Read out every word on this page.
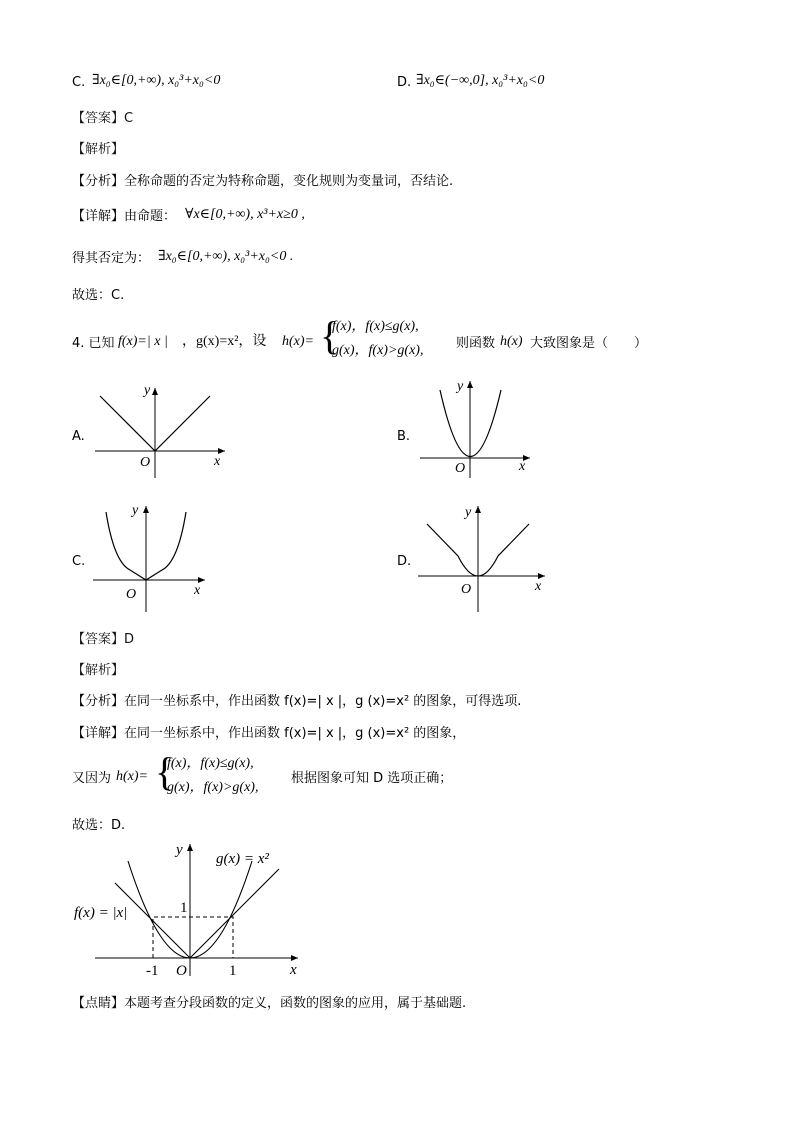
C. ∃x₀∈[0,+∞), x₀³+x₀<0	D. ∃x₀∈(−∞,0], x₀³+x₀<0
【答案】C
【解析】
【分析】全称命题的否定为特称命题，变化规则为变量词，否结论.
【详解】由命题： ∀x∈[0,+∞), x³+x≥0 ,
得其否定为： ∃x₀∈[0,+∞), x₀³+x₀<0 .
故选：C.
4. 已知 f(x)=| x | ，g(x)=x²，设 h(x)= {
f(x)，f(x)≤g(x),
g(x)，f(x)>g(x),	则函数 h(x) 大致图象是（　　）
A.
y
x
O
B.
y
x
O
C.
y
x
O
D.
y
x
O
【答案】D
【解析】
【分析】在同一坐标系中，作出函数 f(x)=| x |，g (x)=x² 的图象，可得选项.
【详解】在同一坐标系中，作出函数 f(x)=| x |，g (x)=x² 的图象，
又因为 h(x)= {
f(x)，f(x)≤g(x),
g(x)，f(x)>g(x),
根据图象可知 D 选项正确；
故选：D.
y
x
O
g(x) = x²
f(x) = |x|	1
-1	1
【点睛】本题考查分段函数的定义，函数的图象的应用，属于基础题.
